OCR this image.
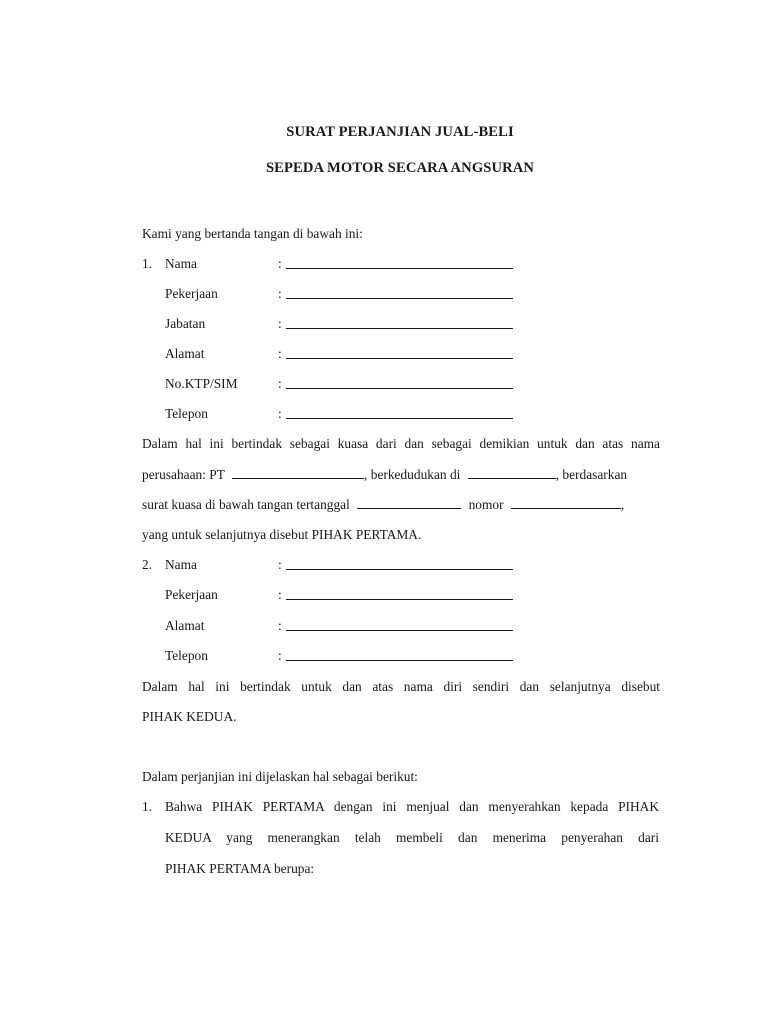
SURAT PERJANJIAN JUAL-BELI
SEPEDA MOTOR SECARA ANGSURAN
Kami yang bertanda tangan di bawah ini:
1. Nama	:
Pekerjaan	:
Jabatan	:
Alamat	:
No.KTP/SIM	:
Telepon	:
Dalam hal ini bertindak sebagai kuasa dari dan sebagai demikian untuk dan atas nama
perusahaan: PT	, berkedudukan di	, berdasarkan
surat kuasa di bawah tangan tertanggal	nomor	,
yang untuk selanjutnya disebut PIHAK PERTAMA.
2. Nama	:
Pekerjaan	:
Alamat	:
Telepon	:
Dalam hal ini bertindak untuk dan atas nama diri sendiri dan selanjutnya disebut
PIHAK KEDUA.
Dalam perjanjian ini dijelaskan hal sebagai berikut:
1. Bahwa PIHAK PERTAMA dengan ini menjual dan menyerahkan kepada PIHAK
KEDUA yang menerangkan telah membeli dan menerima penyerahan dari
PIHAK PERTAMA berupa:
